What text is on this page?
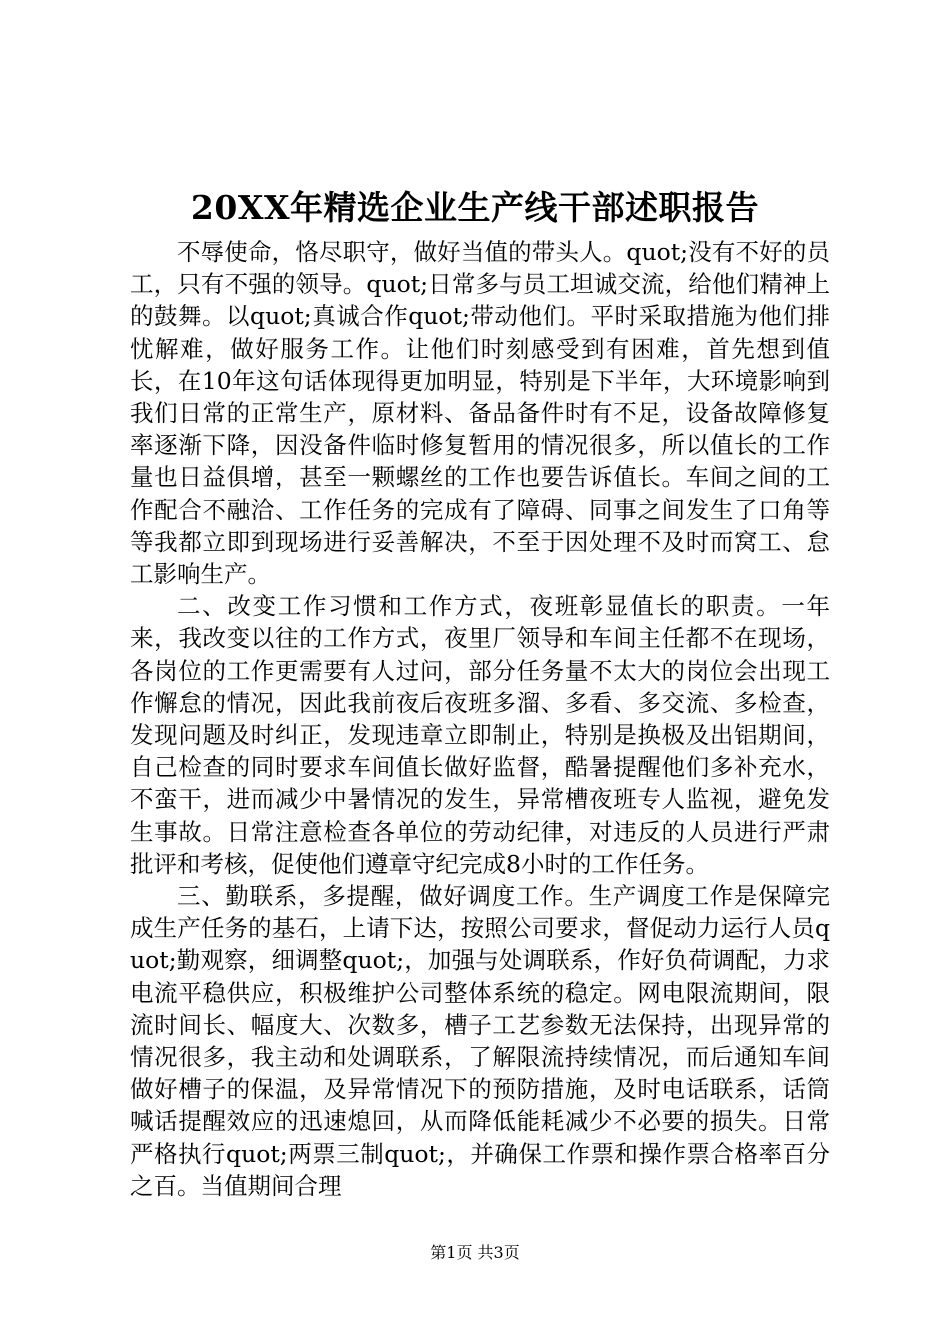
20XX年精选企业生产线干部述职报告

不辱使命，恪尽职守，做好当值的带头人。quot;没有不好的员工，只有不强的领导。quot;日常多与员工坦诚交流，给他们精神上的鼓舞。以quot;真诚合作quot;带动他们。平时采取措施为他们排忧解难，做好服务工作。让他们时刻感受到有困难，首先想到值长，在10年这句话体现得更加明显，特别是下半年，大环境影响到我们日常的正常生产，原材料、备品备件时有不足，设备故障修复率逐渐下降，因没备件临时修复暂用的情况很多，所以值长的工作量也日益俱增，甚至一颗螺丝的工作也要告诉值长。车间之间的工作配合不融洽、工作任务的完成有了障碍、同事之间发生了口角等等我都立即到现场进行妥善解决，不至于因处理不及时而窝工、怠工影响生产。

二、改变工作习惯和工作方式，夜班彰显值长的职责。一年来，我改变以往的工作方式，夜里厂领导和车间主任都不在现场，各岗位的工作更需要有人过问，部分任务量不太大的岗位会出现工作懈怠的情况，因此我前夜后夜班多溜、多看、多交流、多检查，发现问题及时纠正，发现违章立即制止，特别是换极及出铝期间，自己检查的同时要求车间值长做好监督，酷暑提醒他们多补充水，不蛮干，进而减少中暑情况的发生，异常槽夜班专人监视，避免发生事故。日常注意检查各单位的劳动纪律，对违反的人员进行严肃批评和考核，促使他们遵章守纪完成8小时的工作任务。

三、勤联系，多提醒，做好调度工作。生产调度工作是保障完成生产任务的基石，上请下达，按照公司要求，督促动力运行人员quot;勤观察，细调整quot;，加强与处调联系，作好负荷调配，力求电流平稳供应，积极维护公司整体系统的稳定。网电限流期间，限流时间长、幅度大、次数多，槽子工艺参数无法保持，出现异常的情况很多，我主动和处调联系，了解限流持续情况，而后通知车间做好槽子的保温，及异常情况下的预防措施，及时电话联系，话筒喊话提醒效应的迅速熄回，从而降低能耗减少不必要的损失。日常严格执行quot;两票三制quot;，并确保工作票和操作票合格率百分之百。当值期间合理

第1页 共3页
